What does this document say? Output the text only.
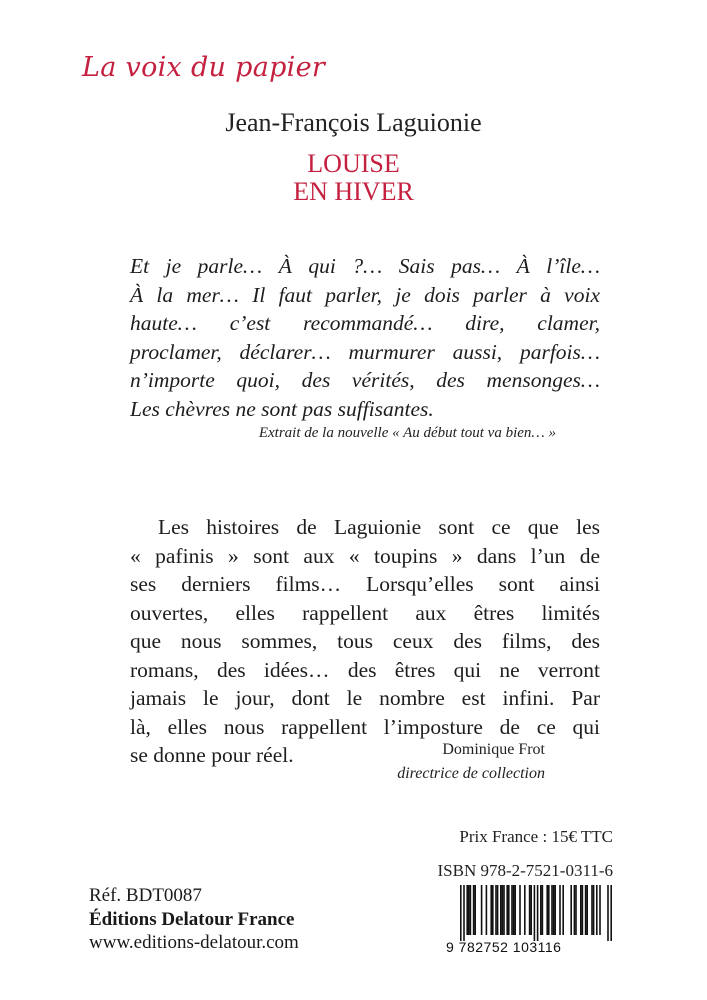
La voix du papier
Jean-François Laguionie
LOUISE
EN HIVER
Et je parle… À qui ?… Sais pas… À l’île…
À la mer… Il faut parler, je dois parler à voix
haute… c’est recommandé… dire, clamer,
proclamer, déclarer… murmurer aussi, parfois…
n’importe quoi, des vérités, des mensonges…
Les chèvres ne sont pas suffisantes.
Extrait de la nouvelle « Au début tout va bien… »
Les histoires de Laguionie sont ce que les
« pafinis » sont aux « toupins » dans l’un de
ses derniers films… Lorsqu’elles sont ainsi
ouvertes, elles rappellent aux êtres limités
que nous sommes, tous ceux des films, des
romans, des idées… des êtres qui ne verront
jamais le jour, dont le nombre est infini. Par
là, elles nous rappellent l’imposture de ce qui
se donne pour réel.	Dominique Frot
directrice de collection
Prix France : 15€ TTC
ISBN 978-2-7521-0311-6
Réf. BDT0087
Éditions Delatour France
www.editions-delatour.com	9 782752 103116
